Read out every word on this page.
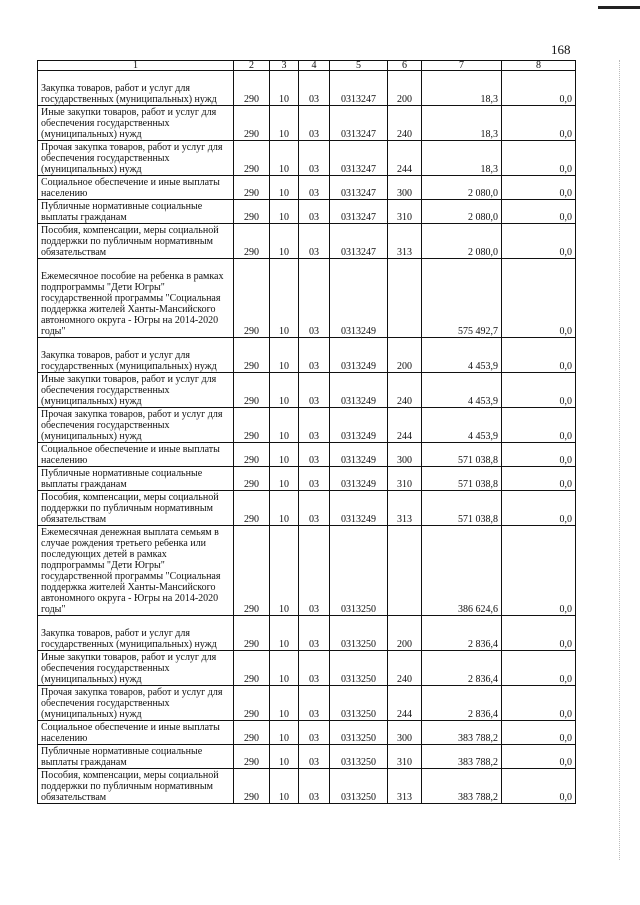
168
1	2	3	4	5	6	7	8
Закупка товаров, работ и услуг для государственных (муниципальных) нужд	290	10	03	0313247	200	18,3	0,0
Иные закупки товаров, работ и услуг для обеспечения государственных (муниципальных) нужд	290	10	03	0313247	240	18,3	0,0
Прочая закупка товаров, работ и услуг для обеспечения государственных (муниципальных) нужд	290	10	03	0313247	244	18,3	0,0
Социальное обеспечение и иные выплаты населению	290	10	03	0313247	300	2 080,0	0,0
Публичные нормативные социальные выплаты гражданам	290	10	03	0313247	310	2 080,0	0,0
Пособия, компенсации, меры социальной поддержки по публичным нормативным обязательствам	290	10	03	0313247	313	2 080,0	0,0
Ежемесячное пособие на ребенка в рамках подпрограммы "Дети Югры" государственной программы "Социальная поддержка жителей Ханты-Мансийского автономного округа - Югры на 2014-2020 годы"	290	10	03	0313249		575 492,7	0,0
Закупка товаров, работ и услуг для государственных (муниципальных) нужд	290	10	03	0313249	200	4 453,9	0,0
Иные закупки товаров, работ и услуг для обеспечения государственных (муниципальных) нужд	290	10	03	0313249	240	4 453,9	0,0
Прочая закупка товаров, работ и услуг для обеспечения государственных (муниципальных) нужд	290	10	03	0313249	244	4 453,9	0,0
Социальное обеспечение и иные выплаты населению	290	10	03	0313249	300	571 038,8	0,0
Публичные нормативные социальные выплаты гражданам	290	10	03	0313249	310	571 038,8	0,0
Пособия, компенсации, меры социальной поддержки по публичным нормативным обязательствам	290	10	03	0313249	313	571 038,8	0,0
Ежемесячная денежная выплата семьям в случае рождения третьего ребенка или последующих детей в рамках подпрограммы "Дети Югры" государственной программы "Социальная поддержка жителей Ханты-Мансийского автономного округа - Югры на 2014-2020 годы"	290	10	03	0313250		386 624,6	0,0
Закупка товаров, работ и услуг для государственных (муниципальных) нужд	290	10	03	0313250	200	2 836,4	0,0
Иные закупки товаров, работ и услуг для обеспечения государственных (муниципальных) нужд	290	10	03	0313250	240	2 836,4	0,0
Прочая закупка товаров, работ и услуг для обеспечения государственных (муниципальных) нужд	290	10	03	0313250	244	2 836,4	0,0
Социальное обеспечение и иные выплаты населению	290	10	03	0313250	300	383 788,2	0,0
Публичные нормативные социальные выплаты гражданам	290	10	03	0313250	310	383 788,2	0,0
Пособия, компенсации, меры социальной поддержки по публичным нормативным обязательствам	290	10	03	0313250	313	383 788,2	0,0
